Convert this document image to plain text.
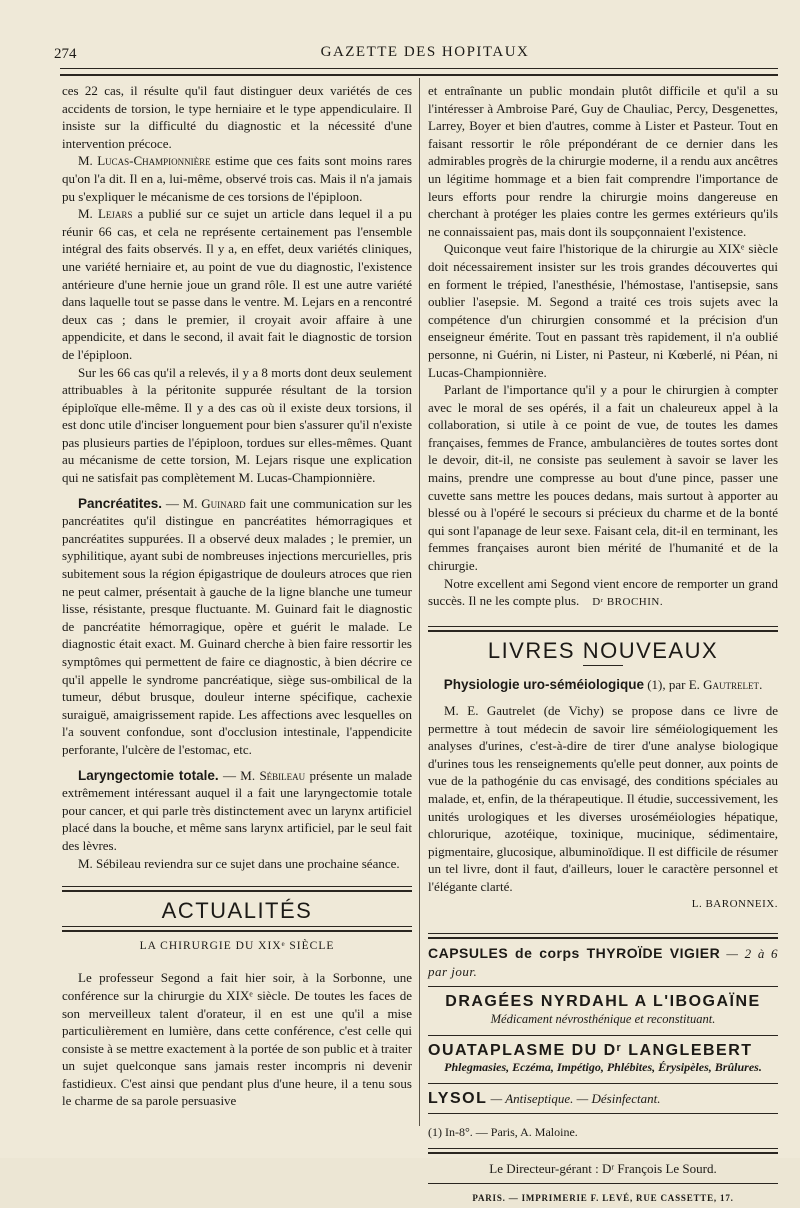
274	GAZETTE DES HOPITAUX

ces 22 cas, il résulte qu'il faut distinguer deux variétés de ces accidents de torsion, le type herniaire et le type appendiculaire. Il insiste sur la difficulté du diagnostic et la nécessité d'une intervention précoce.

M. Lucas-Championnière estime que ces faits sont moins rares qu'on l'a dit. Il en a, lui-même, observé trois cas. Mais il n'a jamais pu s'expliquer le mécanisme de ces torsions de l'épiploon.

M. Lejars a publié sur ce sujet un article dans lequel il a pu réunir 66 cas, et cela ne représente certainement pas l'ensemble intégral des faits observés. Il y a, en effet, deux variétés cliniques, une variété herniaire et, au point de vue du diagnostic, l'existence antérieure d'une hernie joue un grand rôle. Il est une autre variété dans laquelle tout se passe dans le ventre. M. Lejars en a rencontré deux cas ; dans le premier, il croyait avoir affaire à une appendicite, et dans le second, il avait fait le diagnostic de torsion de l'épiploon.

Sur les 66 cas qu'il a relevés, il y a 8 morts dont deux seulement attribuables à la péritonite suppurée résultant de la torsion épiploïque elle-même. Il y a des cas où il existe deux torsions, il est donc utile d'inciser longuement pour bien s'assurer qu'il n'existe pas plusieurs parties de l'épiploon, tordues sur elles-mêmes. Quant au mécanisme de cette torsion, M. Lejars risque une explication qui ne satisfait pas complètement M. Lucas-Championnière.

Pancréatites. — M. Guinard fait une communication sur les pancréatites qu'il distingue en pancréatites hémorragiques et pancréatites suppurées. Il a observé deux malades ; le premier, un syphilitique, ayant subi de nombreuses injections mercurielles, pris subitement sous la région épigastrique de douleurs atroces que rien ne peut calmer, présentait à gauche de la ligne blanche une tumeur lisse, résistante, presque fluctuante. M. Guinard fait le diagnostic de pancréatite hémorragique, opère et guérit le malade. Le diagnostic était exact. M. Guinard cherche à bien faire ressortir les symptômes qui permettent de faire ce diagnostic, à bien décrire ce qu'il appelle le syndrome pancréatique, siège sus-ombilical de la tumeur, début brusque, douleur interne spécifique, cachexie suraiguë, amaigrissement rapide. Les affections avec lesquelles on l'a souvent confondue, sont d'occlusion intestinale, l'appendicite perforante, l'ulcère de l'estomac, etc.

Laryngectomie totale. — M. Sébileau présente un malade extrêmement intéressant auquel il a fait une laryngectomie totale pour cancer, et qui parle très distinctement avec un larynx artificiel placé dans la bouche, et même sans larynx artificiel, par le seul fait des lèvres.

M. Sébileau reviendra sur ce sujet dans une prochaine séance.

ACTUALITÉS
LA CHIRURGIE DU XIXᵉ SIÈCLE

Le professeur Segond a fait hier soir, à la Sorbonne, une conférence sur la chirurgie du XIXᵉ siècle. De toutes les faces de son merveilleux talent d'orateur, il en est une qu'il a mise particulièrement en lumière, dans cette conférence, c'est celle qui consiste à se mettre exactement à la portée de son public et à traiter un sujet quelconque sans jamais rester incompris ni devenir fastidieux. C'est ainsi que pendant plus d'une heure, il a tenu sous le charme de sa parole persuasive

et entraînante un public mondain plutôt difficile et qu'il a su l'intéresser à Ambroise Paré, Guy de Chauliac, Percy, Desgenettes, Larrey, Boyer et bien d'autres, comme à Lister et Pasteur. Tout en faisant ressortir le rôle prépondérant de ce dernier dans les admirables progrès de la chirurgie moderne, il a rendu aux ancêtres un légitime hommage et a bien fait comprendre l'importance de leurs efforts pour rendre la chirurgie moins dangereuse en cherchant à protéger les plaies contre les germes extérieurs qu'ils ne connaissaient pas, mais dont ils soupçonnaient l'existence.

Quiconque veut faire l'historique de la chirurgie au XIXᵉ siècle doit nécessairement insister sur les trois grandes découvertes qui en forment le trépied, l'anesthésie, l'hémostase, l'antisepsie, sans oublier l'asepsie. M. Segond a traité ces trois sujets avec la compétence d'un chirurgien consommé et la précision d'un enseigneur émérite. Tout en passant très rapidement, il n'a oublié personne, ni Guérin, ni Lister, ni Pasteur, ni Kœberlé, ni Péan, ni Lucas-Championnière.

Parlant de l'importance qu'il y a pour le chirurgien à compter avec le moral de ses opérés, il a fait un chaleureux appel à la collaboration, si utile à ce point de vue, de toutes les dames françaises, femmes de France, ambulancières de toutes sortes dont le devoir, dit-il, ne consiste pas seulement à savoir se laver les mains, prendre une compresse au bout d'une pince, passer une cuvette sans mettre les pouces dedans, mais surtout à apporter au blessé ou à l'opéré le secours si précieux du charme et de la bonté qui sont l'apanage de leur sexe. Faisant cela, dit-il en terminant, les femmes françaises auront bien mérité de l'humanité et de la chirurgie.

Notre excellent ami Segond vient encore de remporter un grand succès. Il ne les compte plus. Dʳ BROCHIN.

LIVRES NOUVEAUX

Physiologie uro-séméiologique (1), par E. Gautrelet.

M. E. Gautrelet (de Vichy) se propose dans ce livre de permettre à tout médecin de savoir lire séméiologiquement les analyses d'urines, c'est-à-dire de tirer d'une analyse biologique d'urines tous les renseignements qu'elle peut donner, aux points de vue de la pathogénie du cas envisagé, des conditions spéciales au malade, et, enfin, de la thérapeutique. Il étudie, successivement, les unités urologiques et les diverses uroséméiologies hépatique, chlorurique, azotéique, toxinique, mucinique, sédimentaire, pigmentaire, glucosique, albuminoïdique. Il est difficile de résumer un tel livre, dont il faut, d'ailleurs, louer le caractère personnel et l'élégante clarté.

L. BARONNEIX.
CAPSULES de corps THYROÏDE VIGIER — 2 à 6 par jour.
DRAGÉES NYRDAHL A L'IBOGAÏNE
Médicament névrosthénique et reconstituant.
OUATAPLASME DU Dʳ LANGLEBERT
Phlegmasies, Eczéma, Impétigo, Phlébites, Érysipèles, Brûlures.
LYSOL — Antiseptique. — Désinfectant.

(1) In-8°. — Paris, A. Maloine.

Le Directeur-gérant : Dʳ François Le Sourd.
PARIS. — IMPRIMERIE F. LEVÉ, RUE CASSETTE, 17.
